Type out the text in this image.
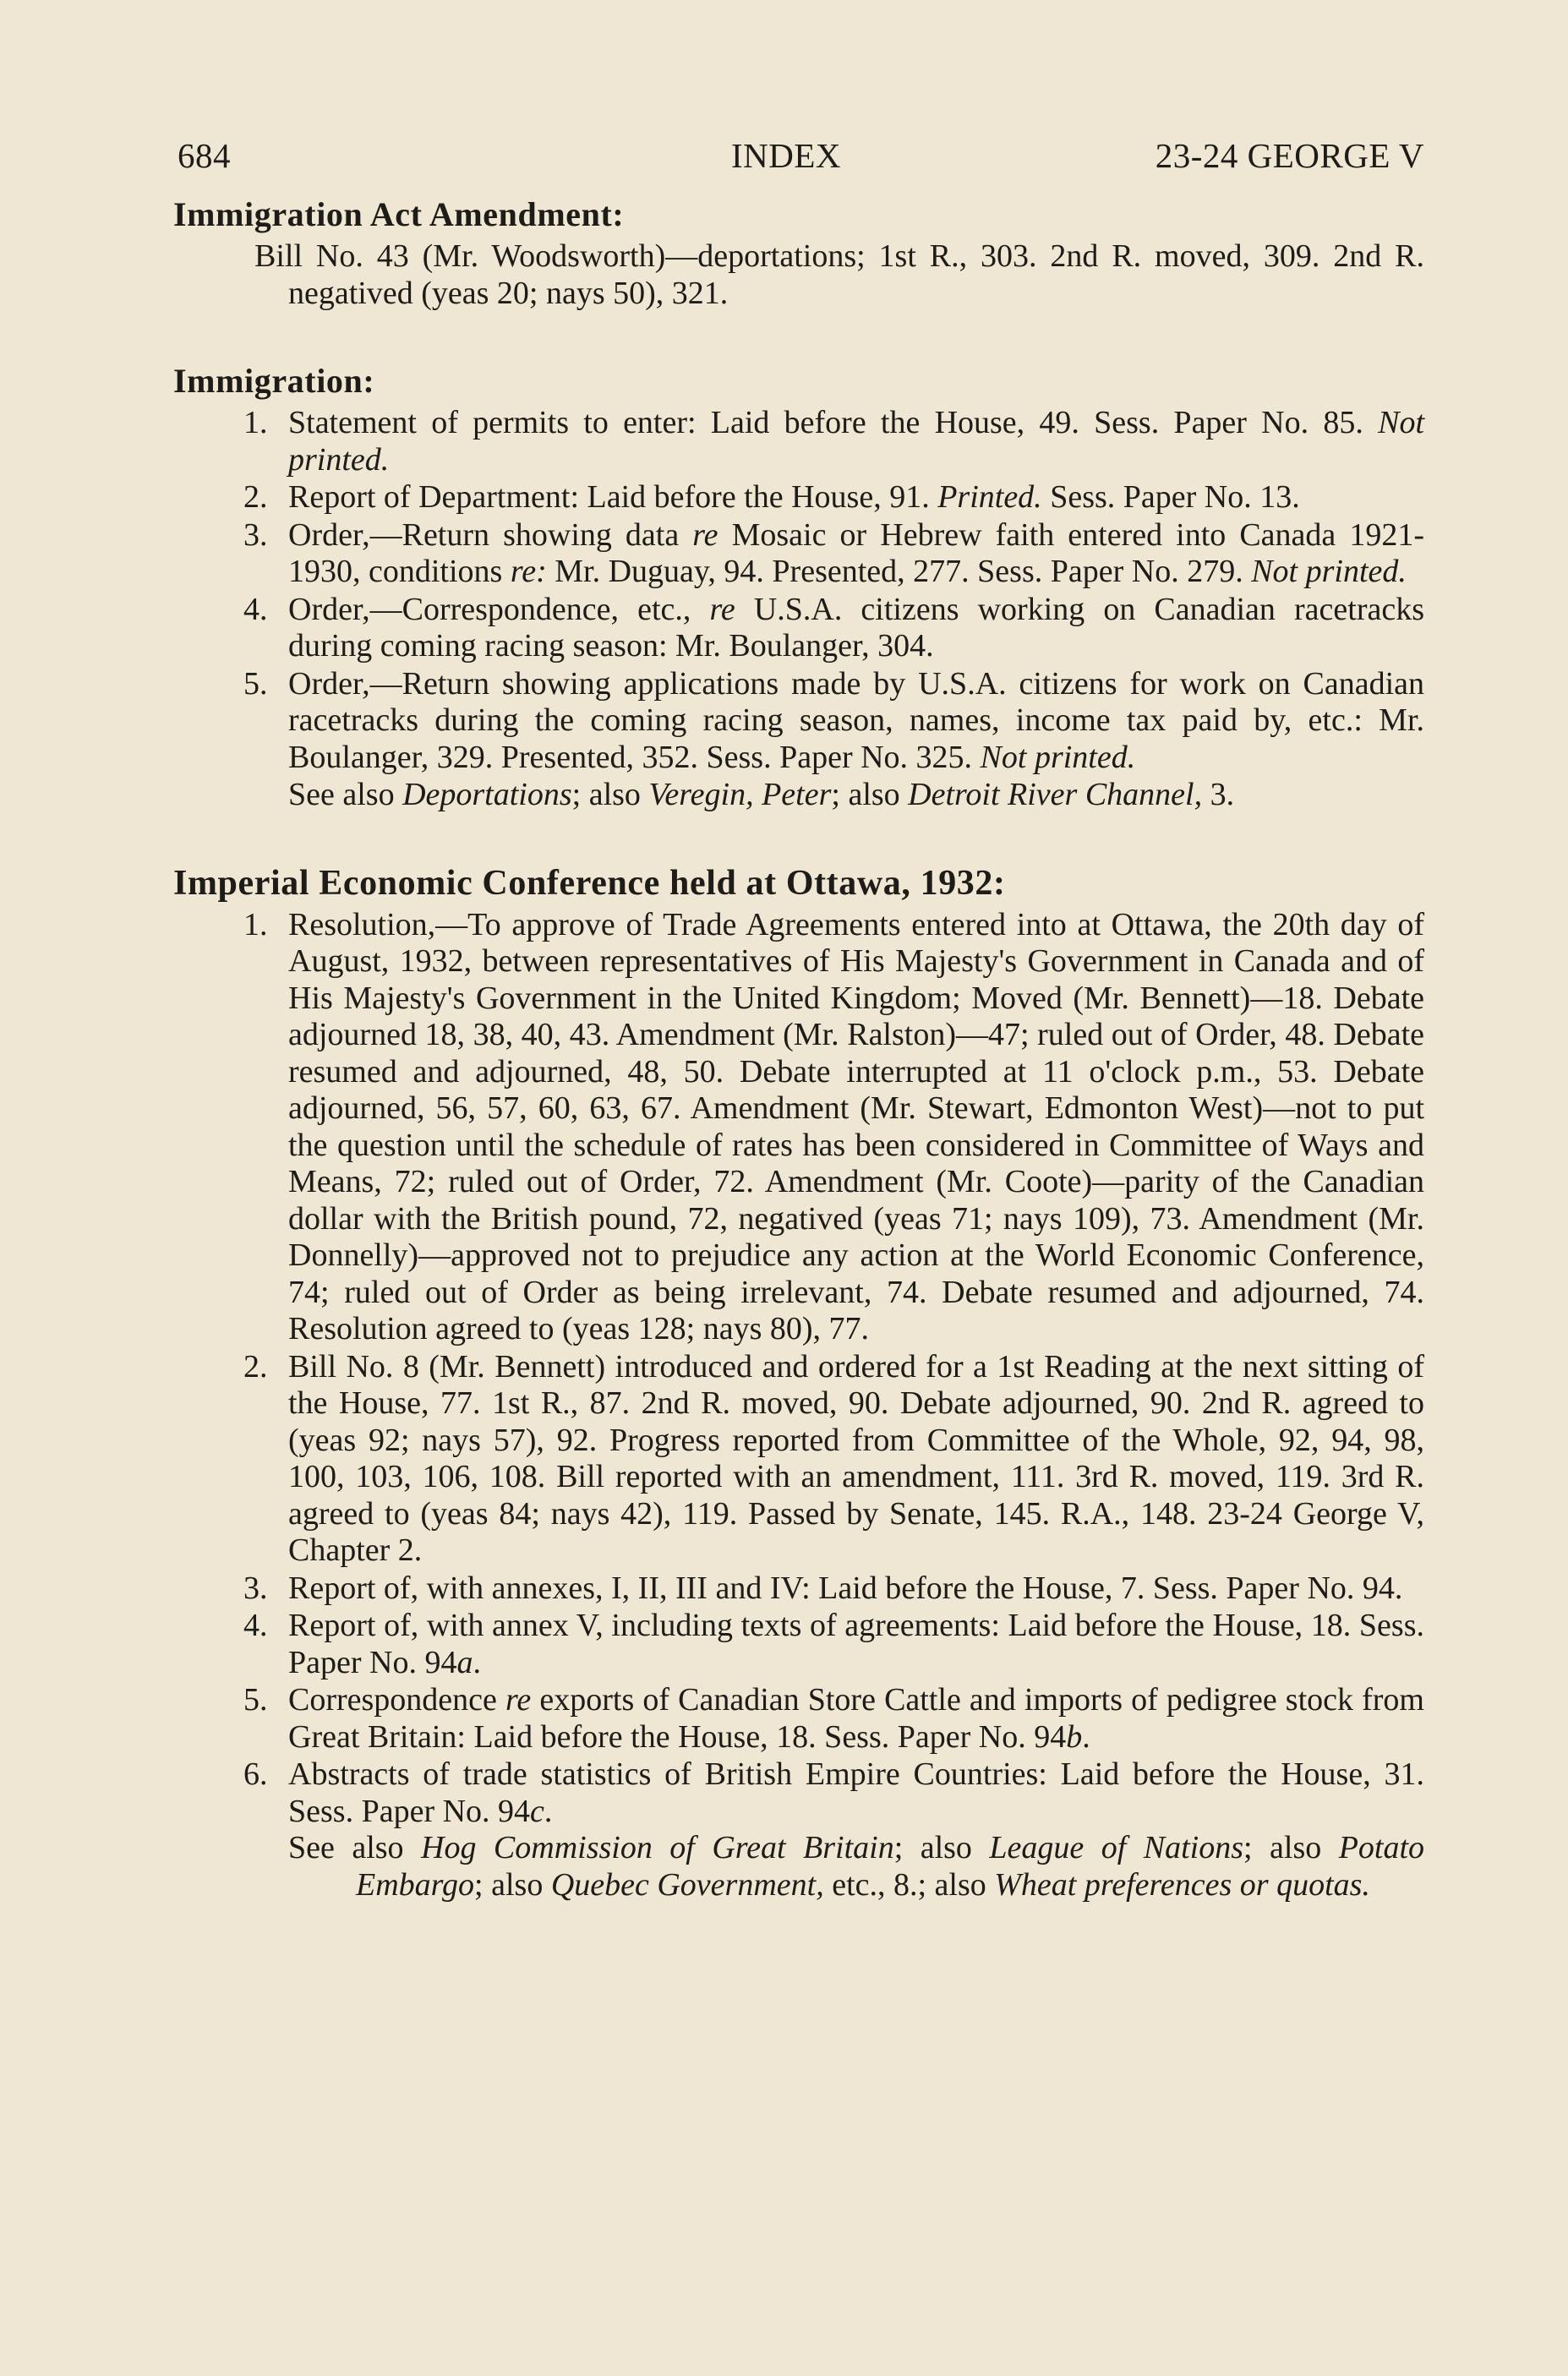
684	INDEX	23-24 GEORGE V
Immigration Act Amendment:
Bill No. 43 (Mr. Woodsworth)—deportations; 1st R., 303. 2nd R. moved, 309. 2nd R. negatived (yeas 20; nays 50), 321.
Immigration:
1. Statement of permits to enter: Laid before the House, 49. Sess. Paper No. 85. Not printed.
2. Report of Department: Laid before the House, 91. Printed. Sess. Paper No. 13.
3. Order,—Return showing data re Mosaic or Hebrew faith entered into Canada 1921-1930, conditions re: Mr. Duguay, 94. Presented, 277. Sess. Paper No. 279. Not printed.
4. Order,—Correspondence, etc., re U.S.A. citizens working on Canadian racetracks during coming racing season: Mr. Boulanger, 304.
5. Order,—Return showing applications made by U.S.A. citizens for work on Canadian racetracks during the coming racing season, names, income tax paid by, etc.: Mr. Boulanger, 329. Presented, 352. Sess. Paper No. 325. Not printed.
See also Deportations; also Veregin, Peter; also Detroit River Channel, 3.
Imperial Economic Conference held at Ottawa, 1932:
1. Resolution,—To approve of Trade Agreements entered into at Ottawa, the 20th day of August, 1932, between representatives of His Majesty's Government in Canada and of His Majesty's Government in the United Kingdom; Moved (Mr. Bennett)—18. Debate adjourned 18, 38, 40, 43. Amendment (Mr. Ralston)—47; ruled out of Order, 48. Debate resumed and adjourned, 48, 50. Debate interrupted at 11 o'clock p.m., 53. Debate adjourned, 56, 57, 60, 63, 67. Amendment (Mr. Stewart, Edmonton West)—not to put the question until the schedule of rates has been considered in Committee of Ways and Means, 72; ruled out of Order, 72. Amendment (Mr. Coote)—parity of the Canadian dollar with the British pound, 72, negatived (yeas 71; nays 109), 73. Amendment (Mr. Donnelly)—approved not to prejudice any action at the World Economic Conference, 74; ruled out of Order as being irrelevant, 74. Debate resumed and adjourned, 74. Resolution agreed to (yeas 128; nays 80), 77.
2. Bill No. 8 (Mr. Bennett) introduced and ordered for a 1st Reading at the next sitting of the House, 77. 1st R., 87. 2nd R. moved, 90. Debate adjourned, 90. 2nd R. agreed to (yeas 92; nays 57), 92. Progress reported from Committee of the Whole, 92, 94, 98, 100, 103, 106, 108. Bill reported with an amendment, 111. 3rd R. moved, 119. 3rd R. agreed to (yeas 84; nays 42), 119. Passed by Senate, 145. R.A., 148. 23-24 George V, Chapter 2.
3. Report of, with annexes, I, II, III and IV: Laid before the House, 7. Sess. Paper No. 94.
4. Report of, with annex V, including texts of agreements: Laid before the House, 18. Sess. Paper No. 94a.
5. Correspondence re exports of Canadian Store Cattle and imports of pedigree stock from Great Britain: Laid before the House, 18. Sess. Paper No. 94b.
6. Abstracts of trade statistics of British Empire Countries: Laid before the House, 31. Sess. Paper No. 94c.
See also Hog Commission of Great Britain; also League of Nations; also Potato Embargo; also Quebec Government, etc., 8.; also Wheat preferences or quotas.
